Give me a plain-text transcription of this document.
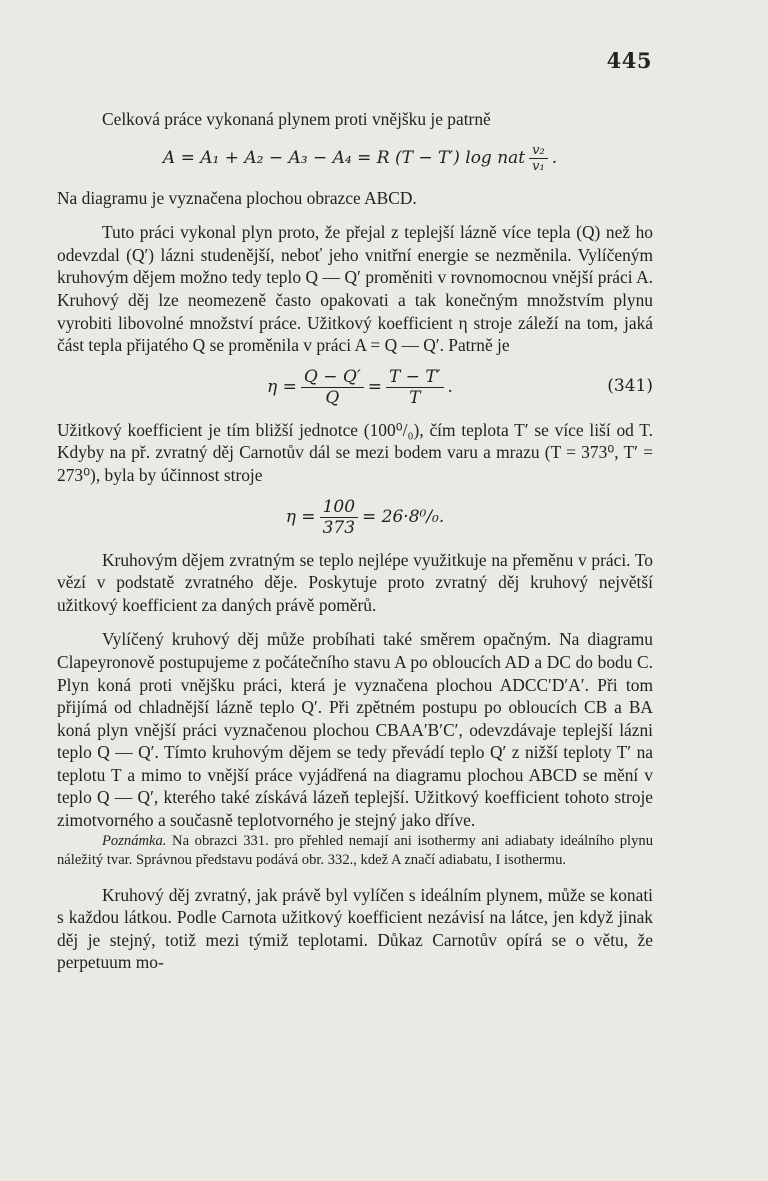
445

Celková práce vykonaná plynem proti vnějšku je patrně

A = A₁ + A₂ − A₃ − A₄ = R (T − T′) log nat $\frac{\text{v₂}}{\text{v₁}}$ .

Na diagramu je vyznačena plochou obrazce ABCD.

Tuto práci vykonal plyn proto, že přejal z teplejší lázně více tepla (Q) než ho odevzdal (Q′) lázni studenější, neboť jeho vnitřní energie se nezměnila. Vylíčeným kruhovým dějem možno tedy teplo Q — Q′ proměniti v rovnomocnou vnější práci A. Kruhový děj lze neomezeně často opakovati a tak konečným množstvím plynu vyrobiti libovolné množství práce. Užitkový koefficient η stroje záleží na tom, jaká část tepla přijatého Q se proměnila v práci A = Q — Q′. Patrně je

$\eta = \frac{Q - Q'}{Q} = \frac{T - T'}{T}$ .	(341)

Užitkový koefficient je tím bližší jednotce (100⁰/₀), čím teplota T′ se více liší od T. Kdyby na př. zvratný děj Carnotův dál se mezi bodem varu a mrazu (T = 373⁰, T′ = 273⁰), byla by účinnost stroje

$\eta = \frac{100}{373} = 26\cdot 8^0/_0$.

Kruhovým dějem zvratným se teplo nejlépe využitkuje na přeměnu v práci. To vězí v podstatě zvratného děje. Poskytuje proto zvratný děj kruhový největší užitkový koefficient za daných právě poměrů.

Vylíčený kruhový děj může probíhati také směrem opačným. Na diagramu Clapeyronově postupujeme z počátečního stavu A po obloucích AD a DC do bodu C. Plyn koná proti vnějšku práci, která je vyznačena plochou ADCC′D′A′. Při tom přijímá od chladnější lázně teplo Q′. Při zpětném postupu po obloucích CB a BA koná plyn vnější práci vyznačenou plochou CBAA′B′C′, odevzdávaje teplejší lázni teplo Q — Q′. Tímto kruhovým dějem se tedy převádí teplo Q′ z nižší teploty T′ na teplotu T a mimo to vnější práce vyjádřená na diagramu plochou ABCD se mění v teplo Q — Q′, kterého také získává lázeň teplejší. Užitkový koefficient tohoto stroje zimotvorného a současně teplotvorného je stejný jako dříve.

Poznámka. Na obrazci 331. pro přehled nemají ani isothermy ani adiabaty ideálního plynu náležitý tvar. Správnou představu podává obr. 332., kdež A značí adiabatu, I isothermu.

Kruhový děj zvratný, jak právě byl vylíčen s ideálním plynem, může se konati s každou látkou. Podle Carnota užitkový koefficient nezávisí na látce, jen když jinak děj je stejný, totiž mezi týmiž teplotami. Důkaz Carnotův opírá se o větu, že perpetuum mo-
